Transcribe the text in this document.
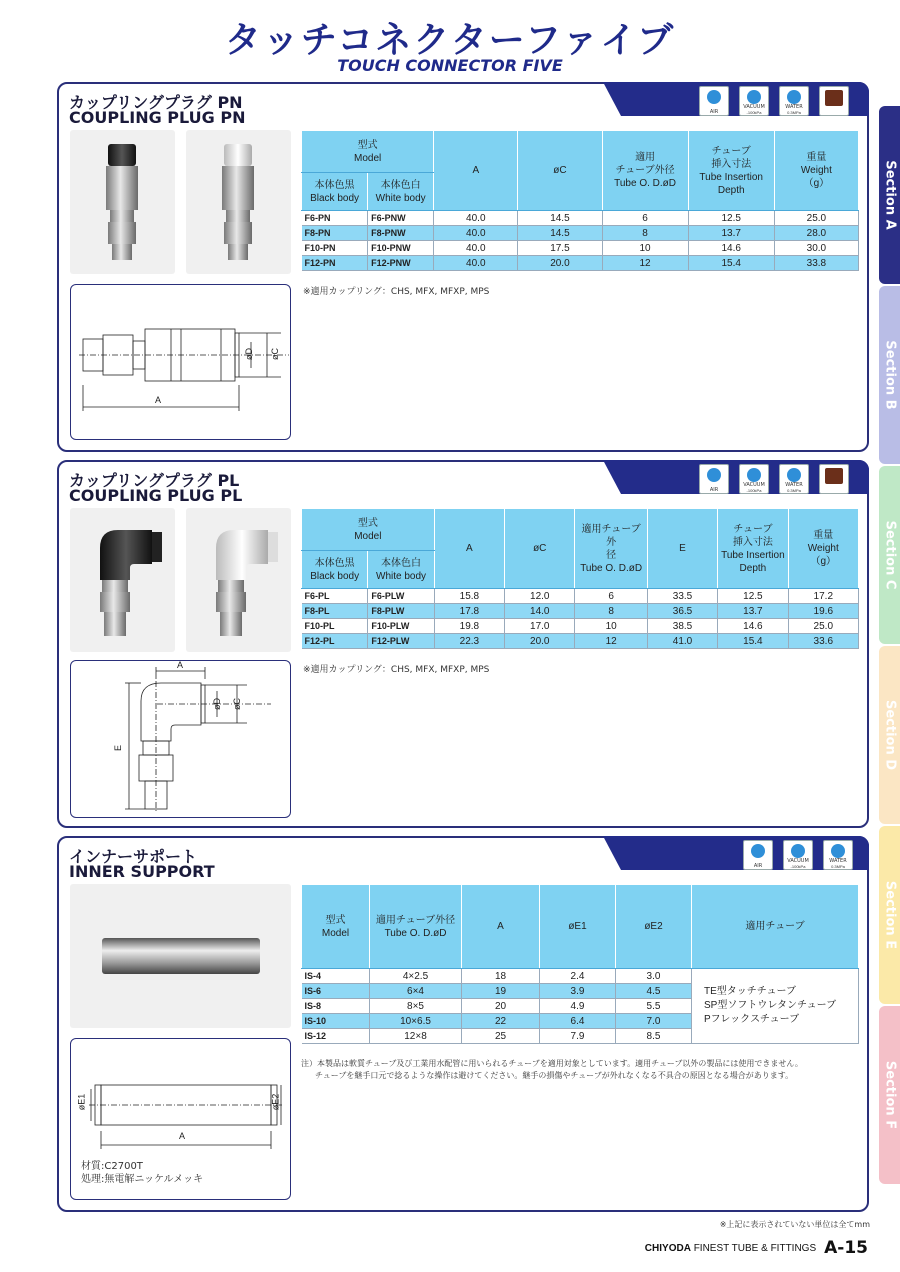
タッチコネクターファイブ
TOUCH CONNECTOR FIVE
Section A
Section B
Section C
Section D
Section E
Section F
カップリングプラグ PN
COUPLING PLUG PN	AIR
VACUUM
-100kPa
WATER
0.3MPa
型式
Model		A	øC	適用
チューブ外径
Tube O. D.øD	チューブ
挿入寸法
Tube Insertion
Depth	重量
Weight
（g）
本体色黒
Black body	本体色白
White body					
F6-PN	F6-PNW	40.0	14.5	6	12.5	25.0
F8-PN	F8-PNW	40.0	14.5	8	13.7	28.0
F10-PN	F10-PNW	40.0	17.5	10	14.6	30.0
F12-PN	F12-PNW	40.0	20.0	12	15.4	33.8
※適用カップリング：CHS, MFX, MFXP, MPS
øD øC
A
カップリングプラグ PL
COUPLING PLUG PL	AIR
VACUUM
-100kPa
WATER
0.3MPa
型式
Model		A	øC	適用チューブ外
径
Tube O. D.øD	E	チューブ
挿入寸法
Tube Insertion
Depth	重量
Weight
（g）
本体色黒
Black body	本体色白
White body						
F6-PL	F6-PLW	15.8	12.0	6	33.5	12.5	17.2
F8-PL	F8-PLW	17.8	14.0	8	36.5	13.7	19.6
F10-PL	F10-PLW	19.8	17.0	10	38.5	14.6	25.0
F12-PL	F12-PLW	22.3	20.0	12	41.0	15.4	33.6
※適用カップリング：CHS, MFX, MFXP, MPS
A
øD øC
E
インナーサポート
INNER SUPPORT	AIR
VACUUM
-100kPa
WATER
0.3MPa
型式
Model	適用チューブ外径
Tube O. D.øD	A	øE1	øE2	適用チューブ
IS-4	4×2.5	18	2.4	3.0	TE型タッチチューブ
SP型ソフトウレタンチューブ
Pフレックスチューブ

IS-6	6×4	19	3.9	4.5	
IS-8	8×5	20	4.9	5.5	
IS-10	10×6.5	22	6.4	7.0	
IS-12	12×8	25	7.9	8.5	
注）本製品は軟質チューブ及び工業用水配管に用いられるチューブを適用対象としています。適用チューブ以外の製品には使用できません。
チューブを継手口元で捻るような操作は避けてください。継手の損傷やチューブが外れなくなる不具合の原因となる場合があります。
øE1	øE2
A
材質:C2700T
処理:無電解ニッケルメッキ
※上記に表示されていない単位は全てmm
CHIYODA FINEST TUBE & FITTINGS A-15
